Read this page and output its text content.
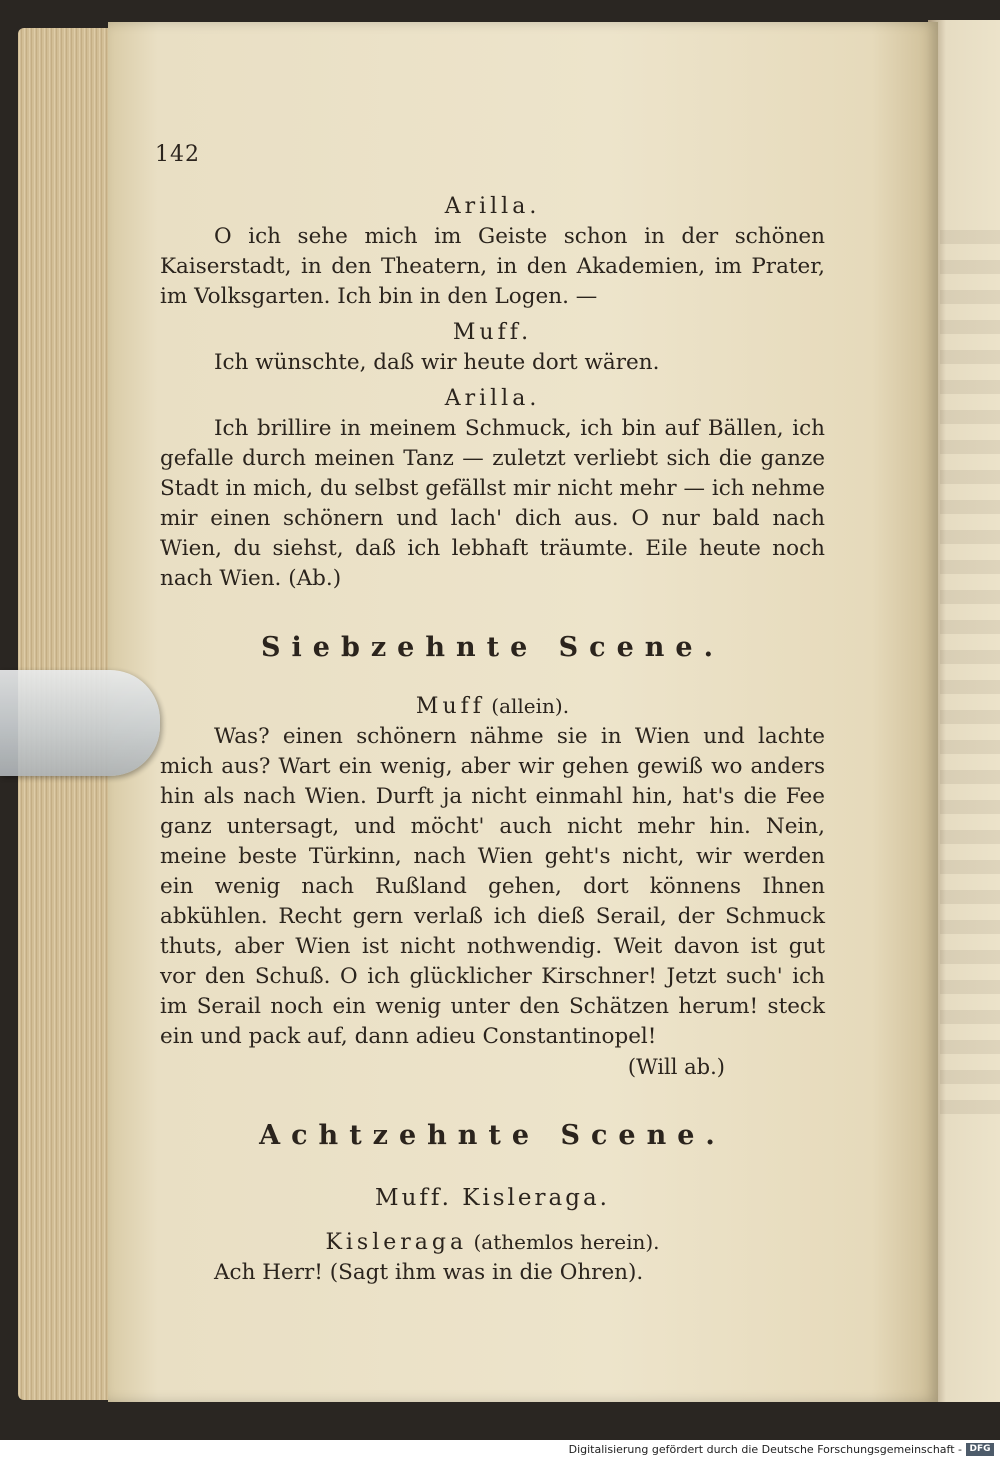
142

Arilla.

O ich sehe mich im Geiste schon in der schönen Kaiserstadt, in den Theatern, in den Akademien, im Prater, im Volksgarten. Ich bin in den Logen. —

Muff.

Ich wünschte, daß wir heute dort wären.

Arilla.

Ich brillire in meinem Schmuck, ich bin auf Bällen, ich gefalle durch meinen Tanz — zuletzt verliebt sich die ganze Stadt in mich, du selbst gefällst mir nicht mehr — ich nehme mir einen schönern und lach' dich aus. O nur bald nach Wien, du siehst, daß ich lebhaft träumte. Eile heute noch nach Wien. (Ab.)

Siebzehnte Scene.

Muff (allein).

Was? einen schönern nähme sie in Wien und lachte mich aus? Wart ein wenig, aber wir gehen gewiß wo anders hin als nach Wien. Durft ja nicht einmahl hin, hat's die Fee ganz untersagt, und möcht' auch nicht mehr hin. Nein, meine beste Türkinn, nach Wien geht's nicht, wir werden ein wenig nach Rußland gehen, dort könnens Ihnen abkühlen. Recht gern verlaß ich dieß Serail, der Schmuck thuts, aber Wien ist nicht nothwendig. Weit davon ist gut vor den Schuß. O ich glücklicher Kirschner! Jetzt such' ich im Serail noch ein wenig unter den Schätzen herum! steck ein und pack auf, dann adieu Constantinopel!

(Will ab.)

Achtzehnte Scene.

Muff. Kisleraga.

Kisleraga (athemlos herein).

Ach Herr! (Sagt ihm was in die Ohren).

Digitalisierung gefördert durch die Deutsche Forschungsgemeinschaft - DFG
